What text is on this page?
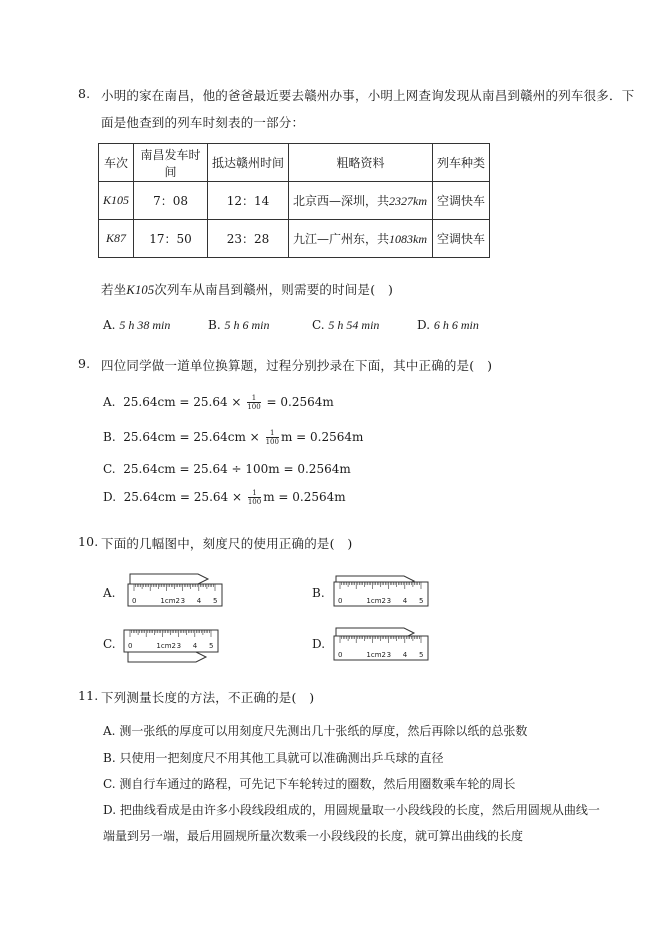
8. 小明的家在南昌，他的爸爸最近要去赣州办事，小明上网查询发现从南昌到赣州的列车很多．下
面是他查到的列车时刻表的一部分：
车次	南昌发车时间	抵达赣州时间	粗略资料	列车种类
K105	7：08	12：14	北京西—深圳，共2327km	空调快车
K87	17：50	23：28	九江—广州东，共1083km	空调快车
若坐K105次列车从南昌到赣州，则需要的时间是(　)
A. 5 h 38 min	B. 5 h 6 min	C. 5 h 54 min	D. 6 h 6 min
9. 四位同学做一道单位换算题，过程分别抄录在下面，其中正确的是(　)
A. $25.64cm = 25.64 \times \frac{1}{100} = 0.2564m$
B. $25.64cm = 25.64cm \times \frac{1}{100}$ m = 0.2564m
C. 25.64cm = 25.64 ÷ 100m = 0.2564m
D. $25.64cm = 25.64 \times \frac{1}{100}$ m = 0.2564m
10. 下面的几幅图中，刻度尺的使用正确的是(　)
A.	B.
C.	D.
0	1cm2 3 4 5	0	1cm2 3 4 5
0	1cm2 3 4 5
0	1cm2 3 4 5
11. 下列测量长度的方法，不正确的是(　)
A. 测一张纸的厚度可以用刻度尺先测出几十张纸的厚度，然后再除以纸的总张数
B. 只使用一把刻度尺不用其他工具就可以准确测出乒乓球的直径
C. 测自行车通过的路程，可先记下车轮转过的圈数，然后用圈数乘车轮的周长
D. 把曲线看成是由许多小段线段组成的，用圆规量取一小段线段的长度，然后用圆规从曲线一
端量到另一端，最后用圆规所量次数乘一小段线段的长度，就可算出曲线的长度
